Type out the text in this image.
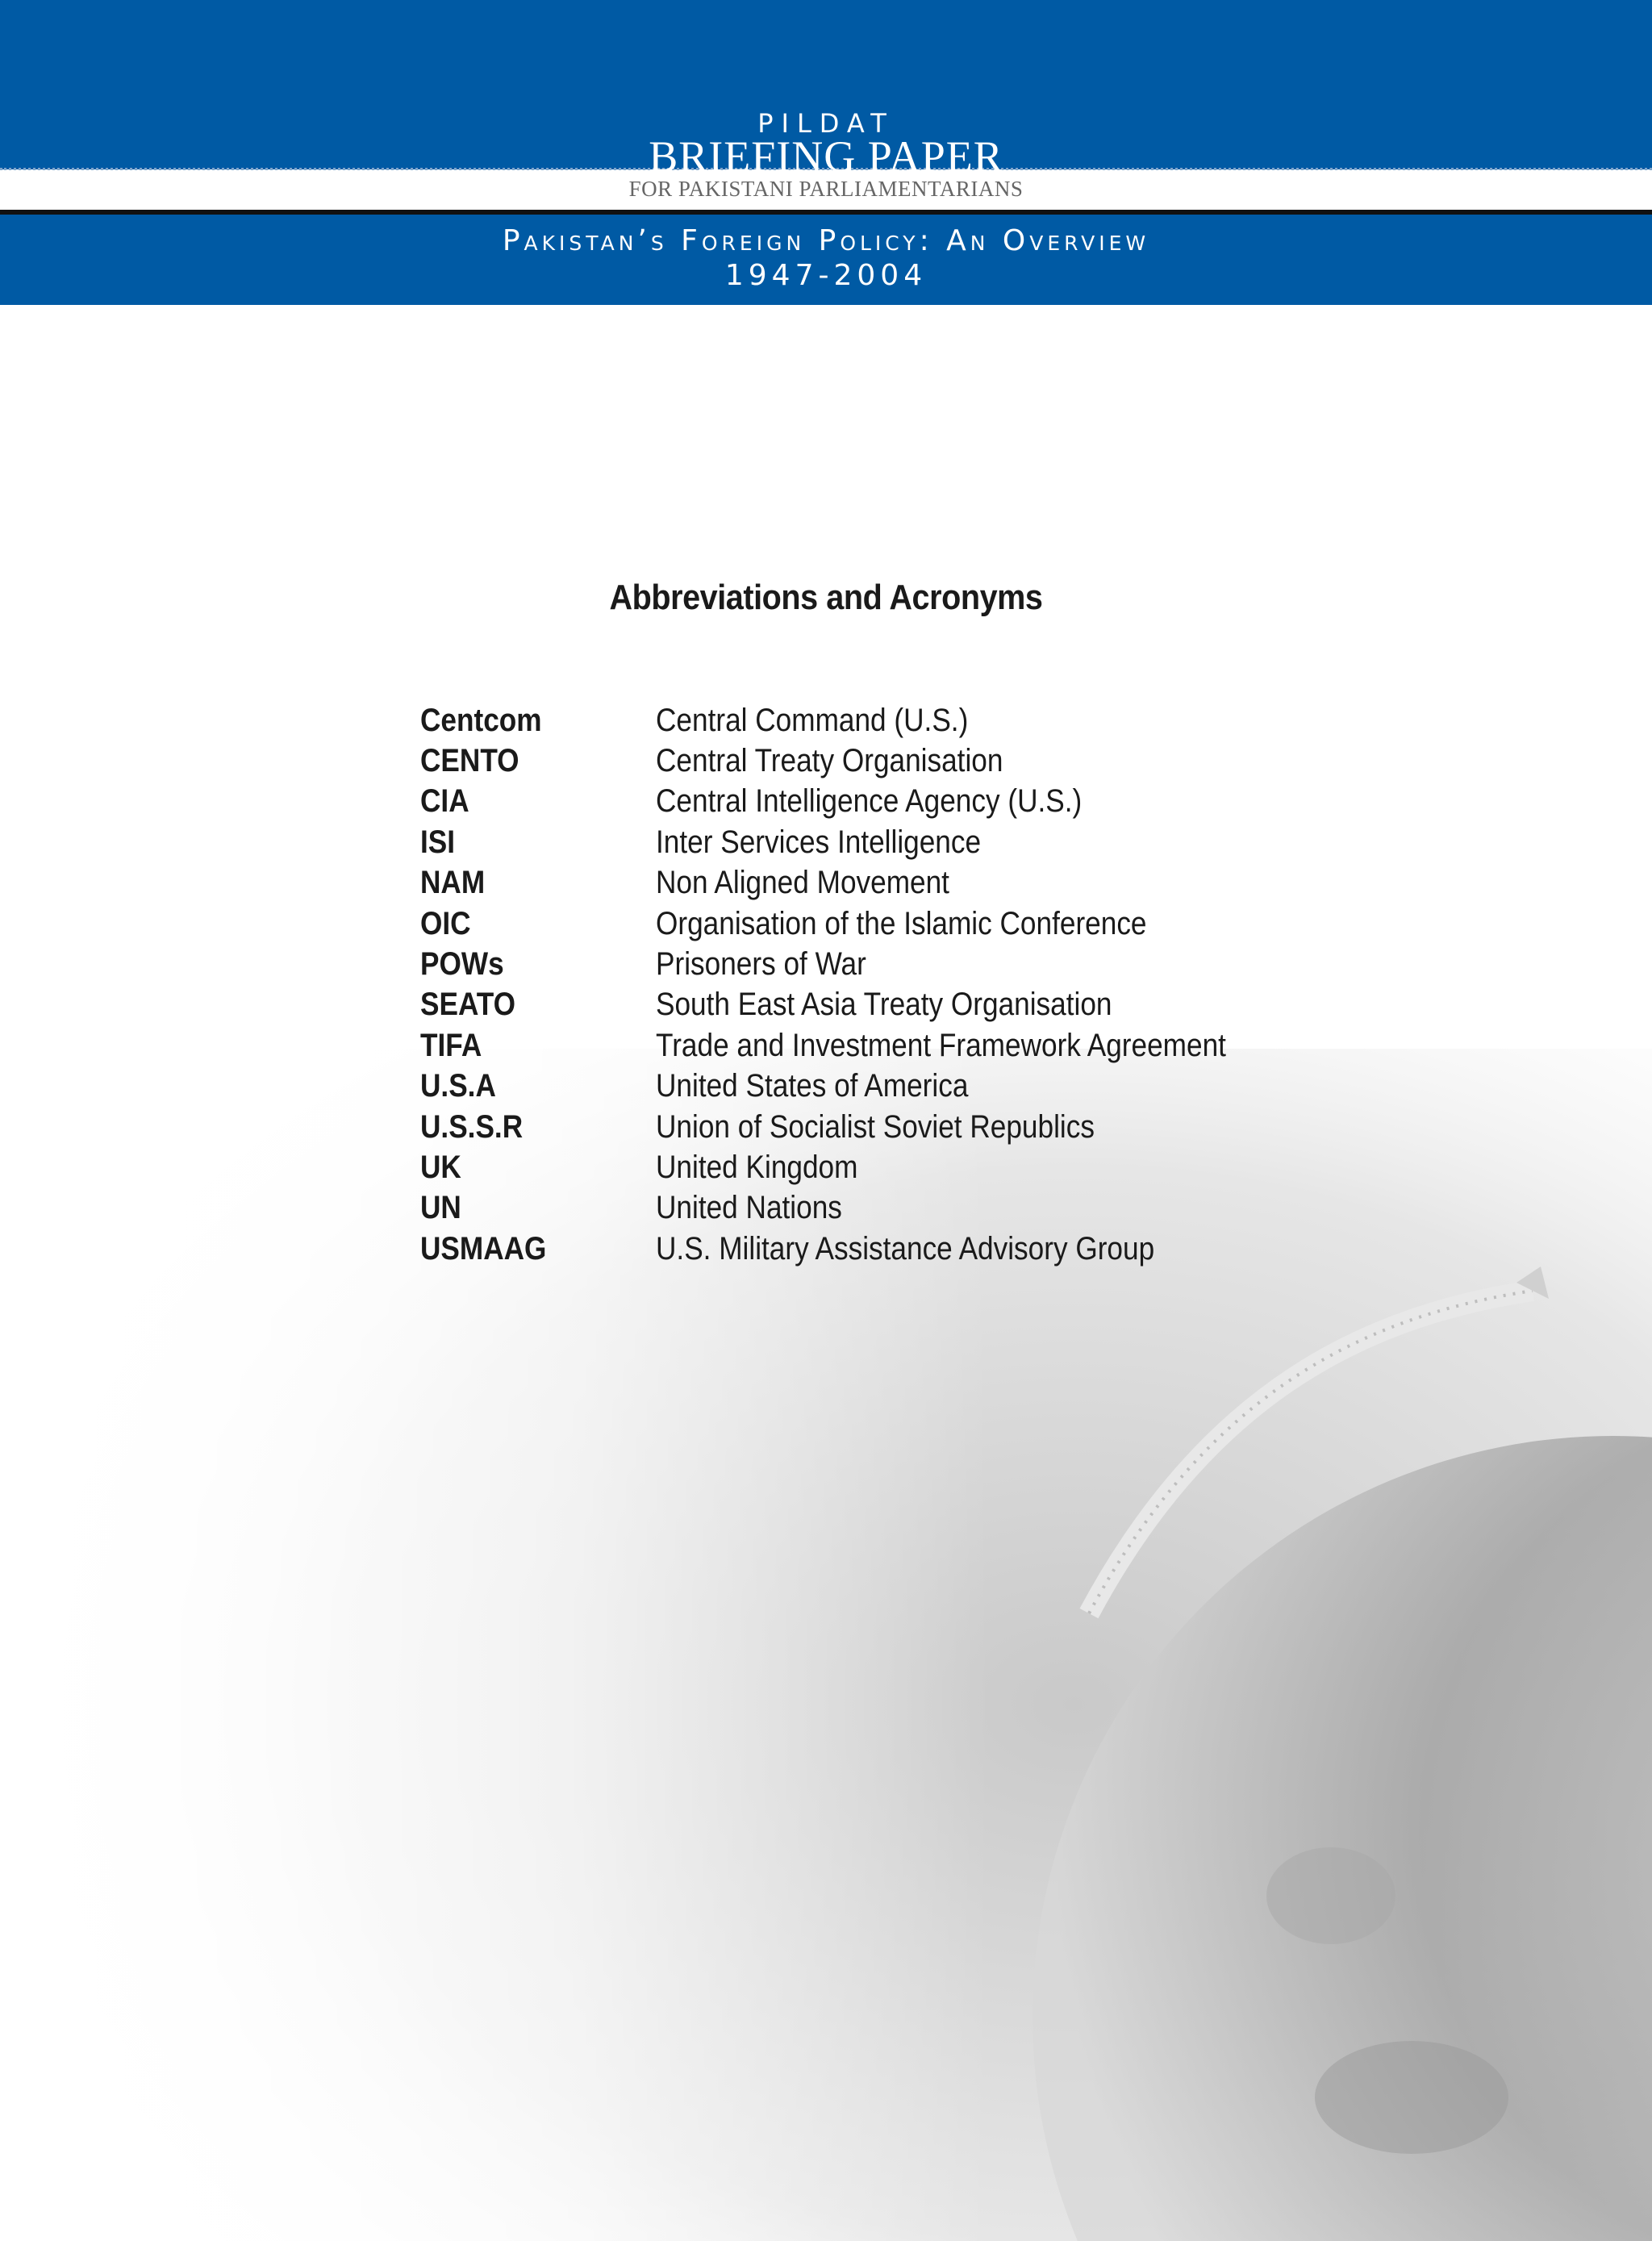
PILDAT
BRIEFING PAPER
FOR PAKISTANI PARLIAMENTARIANS
Pakistan’s Foreign Policy: An Overview
1947-2004
Abbreviations and Acronyms
Centcom	Central Command (U.S.)
CENTO	Central Treaty Organisation
CIA	Central Intelligence Agency (U.S.)
ISI	Inter Services Intelligence
NAM	Non Aligned Movement
OIC	Organisation of the Islamic Conference
POWs	Prisoners of War
SEATO	South East Asia Treaty Organisation
TIFA	Trade and Investment Framework Agreement
U.S.A	United States of America
U.S.S.R	Union of Socialist Soviet Republics
UK	United Kingdom
UN	United Nations
USMAAG	U.S. Military Assistance Advisory Group
